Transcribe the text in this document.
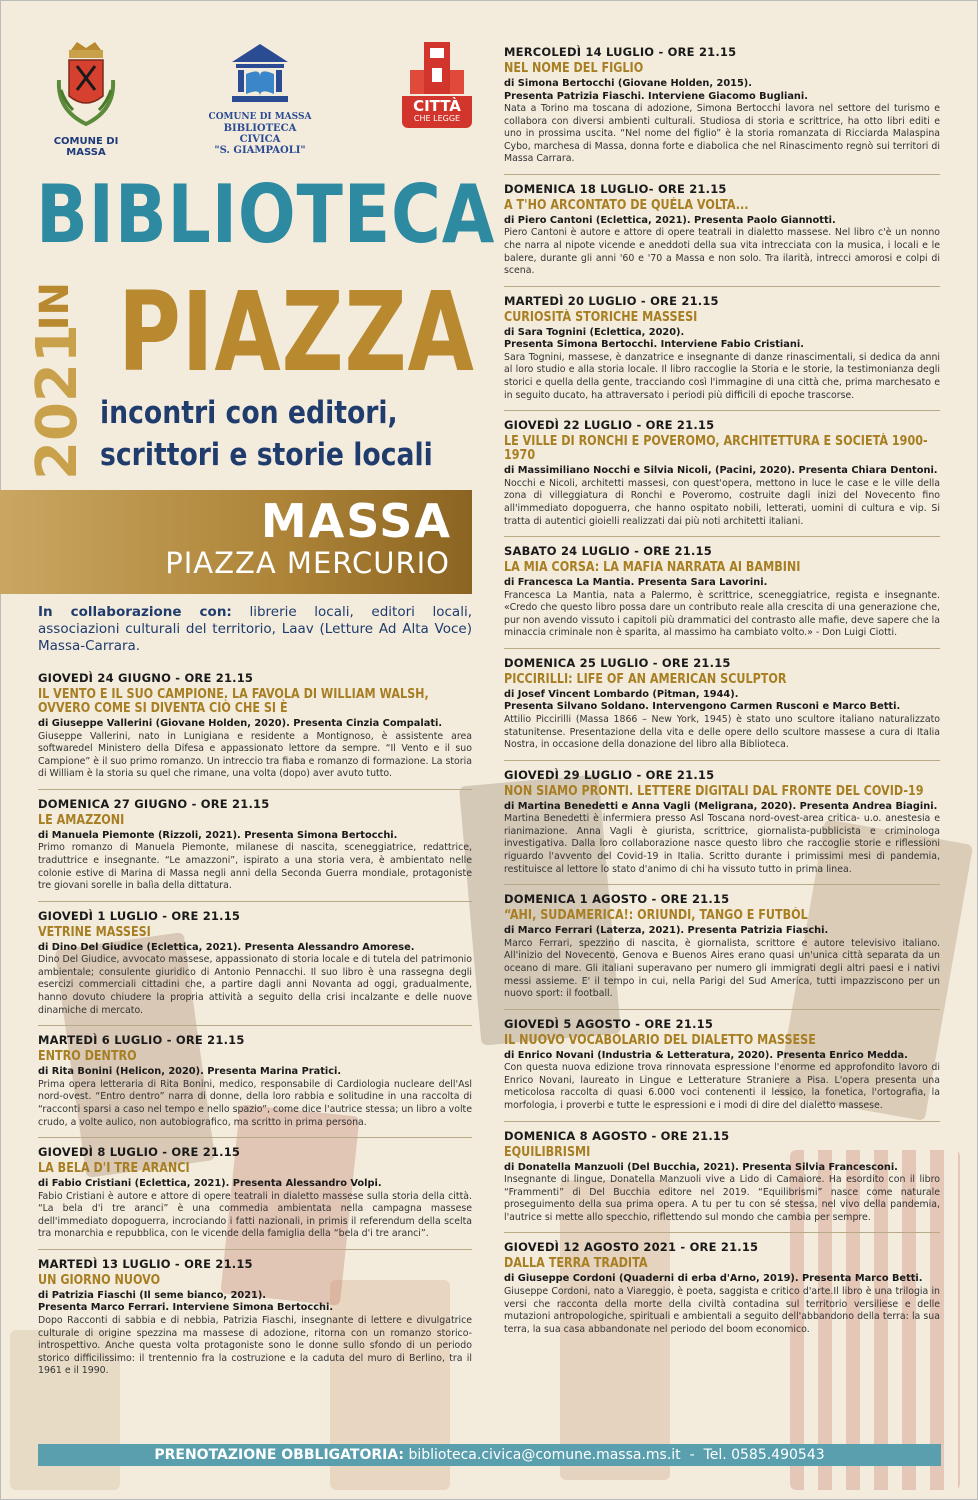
COMUNE DI MASSA
COMUNE DI MASSA
BIBLIOTECA CIVICA
"S. GIAMPAOLI"
CITTÀ
CHE LEGGE
BIBLIOTECA
IN PIAZZA
2021 incontri con editori,
scrittori e storie locali
MASSA
PIAZZA MERCURIO
In collaborazione con: librerie locali, editori locali, associazioni culturali del territorio, Laav (Letture Ad Alta Voce) Massa-Carrara.
GIOVEDÌ 24 GIUGNO - ORE 21.15
IL VENTO E IL SUO CAMPIONE. LA FAVOLA DI WILLIAM WALSH,
OVVERO COME SI DIVENTA CIÒ CHE SI È
di Giuseppe Vallerini (Giovane Holden, 2020). Presenta Cinzia Compalati.
Giuseppe Vallerini, nato in Lunigiana e residente a Montignoso, è assistente area softwaredel Ministero della Difesa e appassionato lettore da sempre. “Il Vento e il suo Campione” è il suo primo romanzo. Un intreccio tra fiaba e romanzo di formazione. La storia di William è la storia su quel che rimane, una volta (dopo) aver avuto tutto.
DOMENICA 27 GIUGNO - ORE 21.15
LE AMAZZONI
di Manuela Piemonte (Rizzoli, 2021). Presenta Simona Bertocchi.
Primo romanzo di Manuela Piemonte, milanese di nascita, sceneggiatrice, redattrice, traduttrice e insegnante. “Le amazzoni”, ispirato a una storia vera, è ambientato nelle colonie estive di Marina di Massa negli anni della Seconda Guerra mondiale, protagoniste tre giovani sorelle in balìa della dittatura.
GIOVEDÌ 1 LUGLIO - ORE 21.15
VETRINE MASSESI
di Dino Del Giudice (Eclettica, 2021). Presenta Alessandro Amorese.
Dino Del Giudice, avvocato massese, appassionato di storia locale e di tutela del patrimonio ambientale; consulente giuridico di Antonio Pennacchi. Il suo libro è una rassegna degli esercizi commerciali cittadini che, a partire dagli anni Novanta ad oggi, gradualmente, hanno dovuto chiudere la propria attività a seguito della crisi incalzante e delle nuove dinamiche di mercato.
MARTEDÌ 6 LUGLIO - ORE 21.15
ENTRO DENTRO
di Rita Bonini (Helicon, 2020). Presenta Marina Pratici.
Prima opera letteraria di Rita Bonini, medico, responsabile di Cardiologia nucleare dell'Asl nord-ovest. “Entro dentro” narra di donne, della loro rabbia e solitudine in una raccolta di “racconti sparsi a caso nel tempo e nello spazio”, come dice l'autrice stessa; un libro a volte crudo, a volte aulico, non autobiografico, ma scritto in prima persona.
GIOVEDÌ 8 LUGLIO - ORE 21.15
LA BELA D'I TRE ARANCI
di Fabio Cristiani (Eclettica, 2021). Presenta Alessandro Volpi.
Fabio Cristiani è autore e attore di opere teatrali in dialetto massese sulla storia della città. “La bela d'i tre aranci” è una commedia ambientata nella campagna massese dell'immediato dopoguerra, incrociando i fatti nazionali, in primis il referendum della scelta tra monarchia e repubblica, con le vicende della famiglia della “bela d'i tre aranci”.
MARTEDÌ 13 LUGLIO - ORE 21.15
UN GIORNO NUOVO
di Patrizia Fiaschi (Il seme bianco, 2021).
Presenta Marco Ferrari. Interviene Simona Bertocchi.
Dopo Racconti di sabbia e di nebbia, Patrizia Fiaschi, insegnante di lettere e divulgatrice culturale di origine spezzina ma massese di adozione, ritorna con un romanzo storico-introspettivo. Anche questa volta protagoniste sono le donne sullo sfondo di un periodo storico difficilissimo: il trentennio fra la costruzione e la caduta del muro di Berlino, tra il 1961 e il 1990.
MERCOLEDÌ 14 LUGLIO - ORE 21.15
NEL NOME DEL FIGLIO
di Simona Bertocchi (Giovane Holden, 2015).
Presenta Patrizia Fiaschi. Interviene Giacomo Bugliani.
Nata a Torino ma toscana di adozione, Simona Bertocchi lavora nel settore del turismo e collabora con diversi ambienti culturali. Studiosa di storia e scrittrice, ha otto libri editi e uno in prossima uscita. “Nel nome del figlio” è la storia romanzata di Ricciarda Malaspina Cybo, marchesa di Massa, donna forte e diabolica che nel Rinascimento regnò sui territori di Massa Carrara.
DOMENICA 18 LUGLIO- ORE 21.15
A T'HO ARCONTATO DE QUÉLA VOLTA...
di Piero Cantoni (Eclettica, 2021). Presenta Paolo Giannotti.
Piero Cantoni è autore e attore di opere teatrali in dialetto massese. Nel libro c'è un nonno che narra al nipote vicende e aneddoti della sua vita intrecciata con la musica, i locali e le balere, durante gli anni '60 e '70 a Massa e non solo. Tra ilarità, intrecci amorosi e colpi di scena.
MARTEDÌ 20 LUGLIO - ORE 21.15
CURIOSITÀ STORICHE MASSESI
di Sara Tognini (Eclettica, 2020).
Presenta Simona Bertocchi. Interviene Fabio Cristiani.
Sara Tognini, massese, è danzatrice e insegnante di danze rinascimentali, si dedica da anni al loro studio e alla storia locale. Il libro raccoglie la Storia e le storie, la testimonianza degli storici e quella della gente, tracciando così l'immagine di una città che, prima marchesato e in seguito ducato, ha attraversato i periodi più difficili di epoche trascorse.
GIOVEDÌ 22 LUGLIO - ORE 21.15
LE VILLE DI RONCHI E POVEROMO, ARCHITETTURA E SOCIETÀ 1900-1970
di Massimiliano Nocchi e Silvia Nicoli, (Pacini, 2020). Presenta Chiara Dentoni.
Nocchi e Nicoli, architetti massesi, con quest'opera, mettono in luce le case e le ville della zona di villeggiatura di Ronchi e Poveromo, costruite dagli inizi del Novecento fino all'immediato dopoguerra, che hanno ospitato nobili, letterati, uomini di cultura e vip. Si tratta di autentici gioielli realizzati dai più noti architetti italiani.
SABATO 24 LUGLIO - ORE 21.15
LA MIA CORSA: LA MAFIA NARRATA AI BAMBINI
di Francesca La Mantia. Presenta Sara Lavorini.
Francesca La Mantia, nata a Palermo, è scrittrice, sceneggiatrice, regista e insegnante. «Credo che questo libro possa dare un contributo reale alla crescita di una generazione che, pur non avendo vissuto i capitoli più drammatici del contrasto alle mafie, deve sapere che la minaccia criminale non è sparita, al massimo ha cambiato volto.» - Don Luigi Ciotti.
DOMENICA 25 LUGLIO - ORE 21.15
PICCIRILLI: LIFE OF AN AMERICAN SCULPTOR
di Josef Vincent Lombardo (Pitman, 1944).
Presenta Silvano Soldano. Intervengono Carmen Rusconi e Marco Betti.
Attilio Piccirilli (Massa 1866 – New York, 1945) è stato uno scultore italiano naturalizzato statunitense. Presentazione della vita e delle opere dello scultore massese a cura di Italia Nostra, in occasione della donazione del libro alla Biblioteca.
GIOVEDÌ 29 LUGLIO - ORE 21.15
NON SIAMO PRONTI. LETTERE DIGITALI DAL FRONTE DEL COVID-19
di Martina Benedetti e Anna Vagli (Meligrana, 2020). Presenta Andrea Biagini.
Martina Benedetti è infermiera presso Asl Toscana nord-ovest-area critica- u.o. anestesia e rianimazione. Anna Vagli è giurista, scrittrice, giornalista-pubblicista e criminologa investigativa. Dalla loro collaborazione nasce questo libro che raccoglie storie e riflessioni riguardo l'avvento del Covid-19 in Italia. Scritto durante i primissimi mesi di pandemia, restituisce al lettore lo stato d'animo di chi ha vissuto tutto in prima linea.
DOMENICA 1 AGOSTO - ORE 21.15
“AHI, SUDAMERICA!: ORIUNDI, TANGO E FUTBÒL
di Marco Ferrari (Laterza, 2021). Presenta Patrizia Fiaschi.
Marco Ferrari, spezzino di nascita, è giornalista, scrittore e autore televisivo italiano. All'inizio del Novecento, Genova e Buenos Aires erano quasi un'unica città separata da un oceano di mare. Gli italiani superavano per numero gli immigrati degli altri paesi e i nativi messi assieme. E' il tempo in cui, nella Parigi del Sud America, tutti impazziscono per un nuovo sport: il football.
GIOVEDÌ 5 AGOSTO - ORE 21.15
IL NUOVO VOCABOLARIO DEL DIALETTO MASSESE
di Enrico Novani (Industria & Letteratura, 2020). Presenta Enrico Medda.
Con questa nuova edizione trova rinnovata espressione l'enorme ed approfondito lavoro di Enrico Novani, laureato in Lingue e Letterature Straniere a Pisa. L'opera presenta una meticolosa raccolta di quasi 6.000 voci contenenti il lessico, la fonetica, l'ortografia, la morfologia, i proverbi e tutte le espressioni e i modi di dire del dialetto massese.
DOMENICA 8 AGOSTO - ORE 21.15
EQUILIBRISMI
di Donatella Manzuoli (Del Bucchia, 2021). Presenta Silvia Francesconi.
Insegnante di lingue, Donatella Manzuoli vive a Lido di Camaiore. Ha esordito con il libro “Frammenti” di Del Bucchia editore nel 2019. “Equilibrismi” nasce come naturale proseguimento della sua prima opera. A tu per tu con sé stessa, nel vivo della pandemia, l'autrice si mette allo specchio, riflettendo sul mondo che cambia per sempre.
GIOVEDÌ 12 AGOSTO 2021 - ORE 21.15
DALLA TERRA TRADITA
di Giuseppe Cordoni (Quaderni di erba d'Arno, 2019). Presenta Marco Betti.
Giuseppe Cordoni, nato a Viareggio, è poeta, saggista e critico d'arte.Il libro è una trilogia in versi che racconta della morte della civiltà contadina sul territorio versiliese e delle mutazioni antropologiche, spirituali e ambientali a seguito dell'abbandono della terra: la sua terra, la sua casa abbandonate nel periodo del boom economico.
PRENOTAZIONE OBBLIGATORIA: biblioteca.civica@comune.massa.ms.it  -  Tel. 0585.490543
